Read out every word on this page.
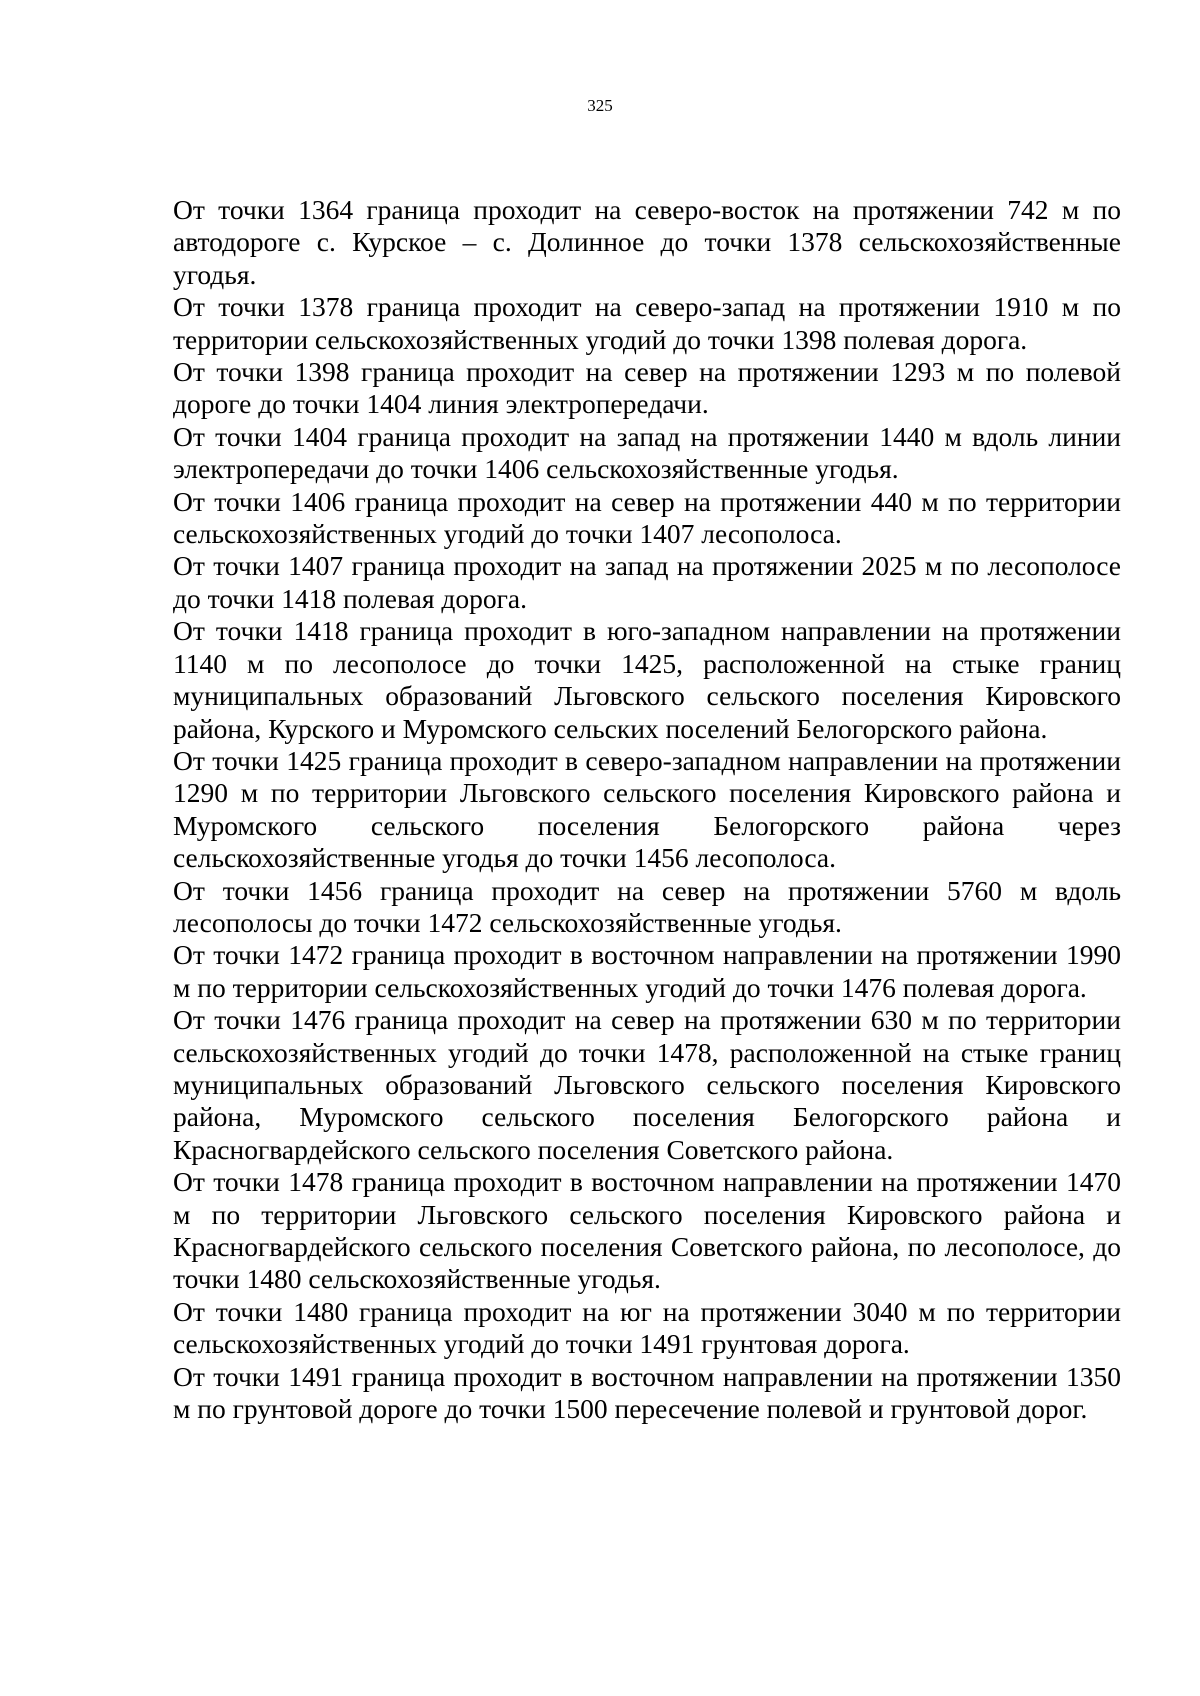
325

От точки 1364 граница проходит на северо-восток на протяжении 742 м по автодороге с. Курское – с. Долинное до точки 1378 сельскохозяйственные угодья.

От точки 1378 граница проходит на северо-запад на протяжении 1910 м по территории сельскохозяйственных угодий до точки 1398 полевая дорога.

От точки 1398 граница проходит на север на протяжении 1293 м по полевой дороге до точки 1404 линия электропередачи.

От точки 1404 граница проходит на запад на протяжении 1440 м вдоль линии электропередачи до точки 1406 сельскохозяйственные угодья.

От точки 1406 граница проходит на север на протяжении 440 м по территории сельскохозяйственных угодий до точки 1407 лесополоса.

От точки 1407 граница проходит на запад на протяжении 2025 м по лесополосе до точки 1418 полевая дорога.

От точки 1418 граница проходит в юго-западном направлении на протяжении 1140 м по лесополосе до точки 1425, расположенной на стыке границ муниципальных образований Льговского сельского поселения Кировского района, Курского и Муромского сельских поселений Белогорского района.

От точки 1425 граница проходит в северо-западном направлении на протяжении 1290 м по территории Льговского сельского поселения Кировского района и Муромского сельского поселения Белогорского района через сельскохозяйственные угодья до точки 1456 лесополоса.

От точки 1456 граница проходит на север на протяжении 5760 м вдоль лесополосы до точки 1472 сельскохозяйственные угодья.

От точки 1472 граница проходит в восточном направлении на протяжении 1990 м по территории сельскохозяйственных угодий до точки 1476 полевая дорога.

От точки 1476 граница проходит на север на протяжении 630 м по территории сельскохозяйственных угодий до точки 1478, расположенной на стыке границ муниципальных образований Льговского сельского поселения Кировского района, Муромского сельского поселения Белогорского района и Красногвардейского сельского поселения Советского района.

От точки 1478 граница проходит в восточном направлении на протяжении 1470 м по территории Льговского сельского поселения Кировского района и Красногвардейского сельского поселения Советского района, по лесополосе, до точки 1480 сельскохозяйственные угодья.

От точки 1480 граница проходит на юг на протяжении 3040 м по территории сельскохозяйственных угодий до точки 1491 грунтовая дорога.

От точки 1491 граница проходит в восточном направлении на протяжении 1350 м по грунтовой дороге до точки 1500 пересечение полевой и грунтовой дорог.
